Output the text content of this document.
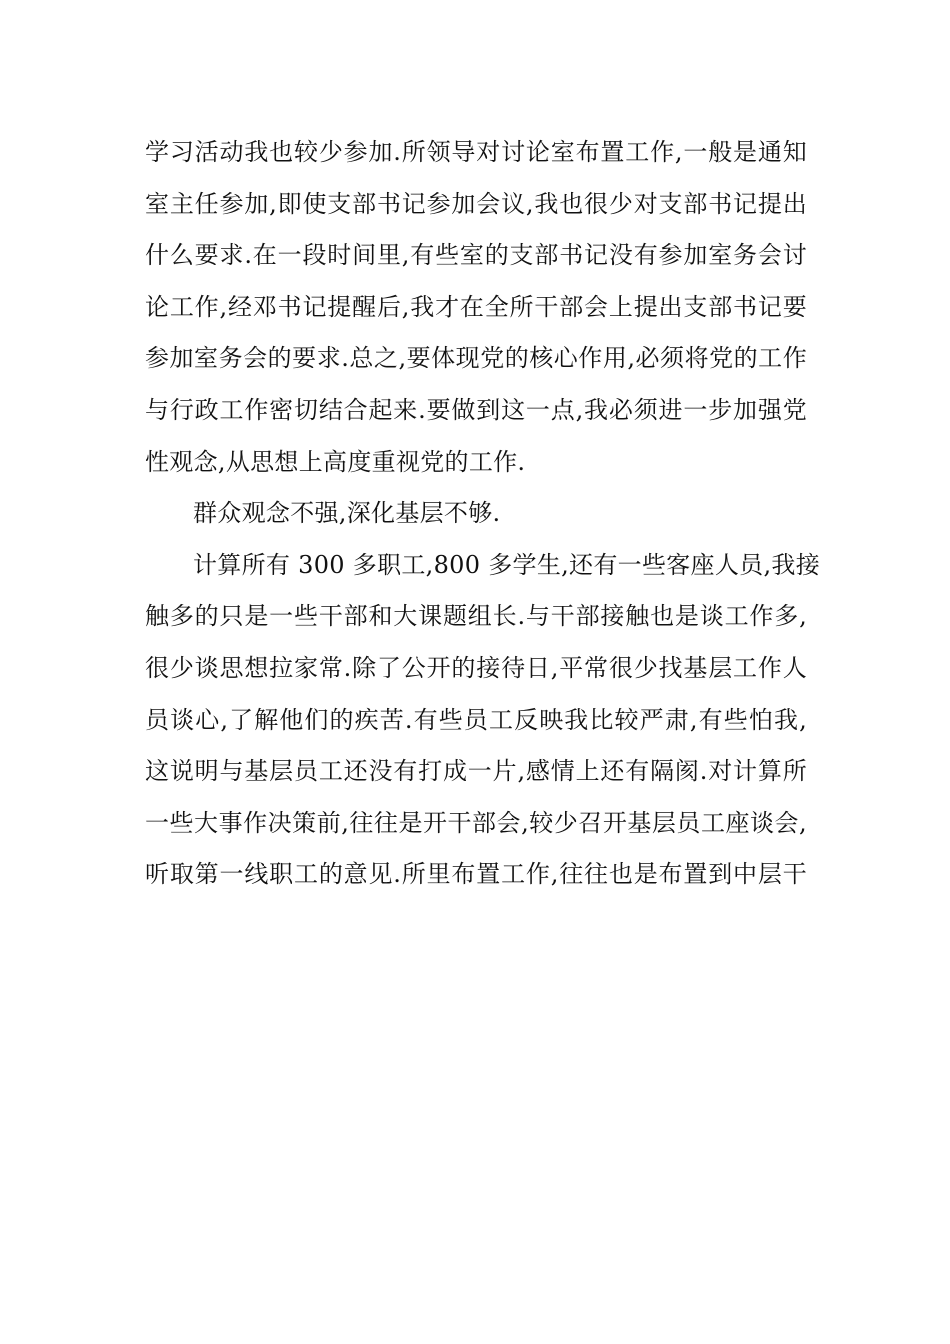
学习活动我也较少参加.所领导对讨论室布置工作,一般是通知
室主任参加,即使支部书记参加会议,我也很少对支部书记提出
什么要求.在一段时间里,有些室的支部书记没有参加室务会讨
论工作,经邓书记提醒后,我才在全所干部会上提出支部书记要
参加室务会的要求.总之,要体现党的核心作用,必须将党的工作
与行政工作密切结合起来.要做到这一点,我必须进一步加强党
性观念,从思想上高度重视党的工作.
群众观念不强,深化基层不够.
计算所有 300 多职工,800 多学生,还有一些客座人员,我接
触多的只是一些干部和大课题组长.与干部接触也是谈工作多,
很少谈思想拉家常.除了公开的接待日,平常很少找基层工作人
员谈心,了解他们的疾苦.有些员工反映我比较严肃,有些怕我,
这说明与基层员工还没有打成一片,感情上还有隔阂.对计算所
一些大事作决策前,往往是开干部会,较少召开基层员工座谈会,
听取第一线职工的意见.所里布置工作,往往也是布置到中层干
